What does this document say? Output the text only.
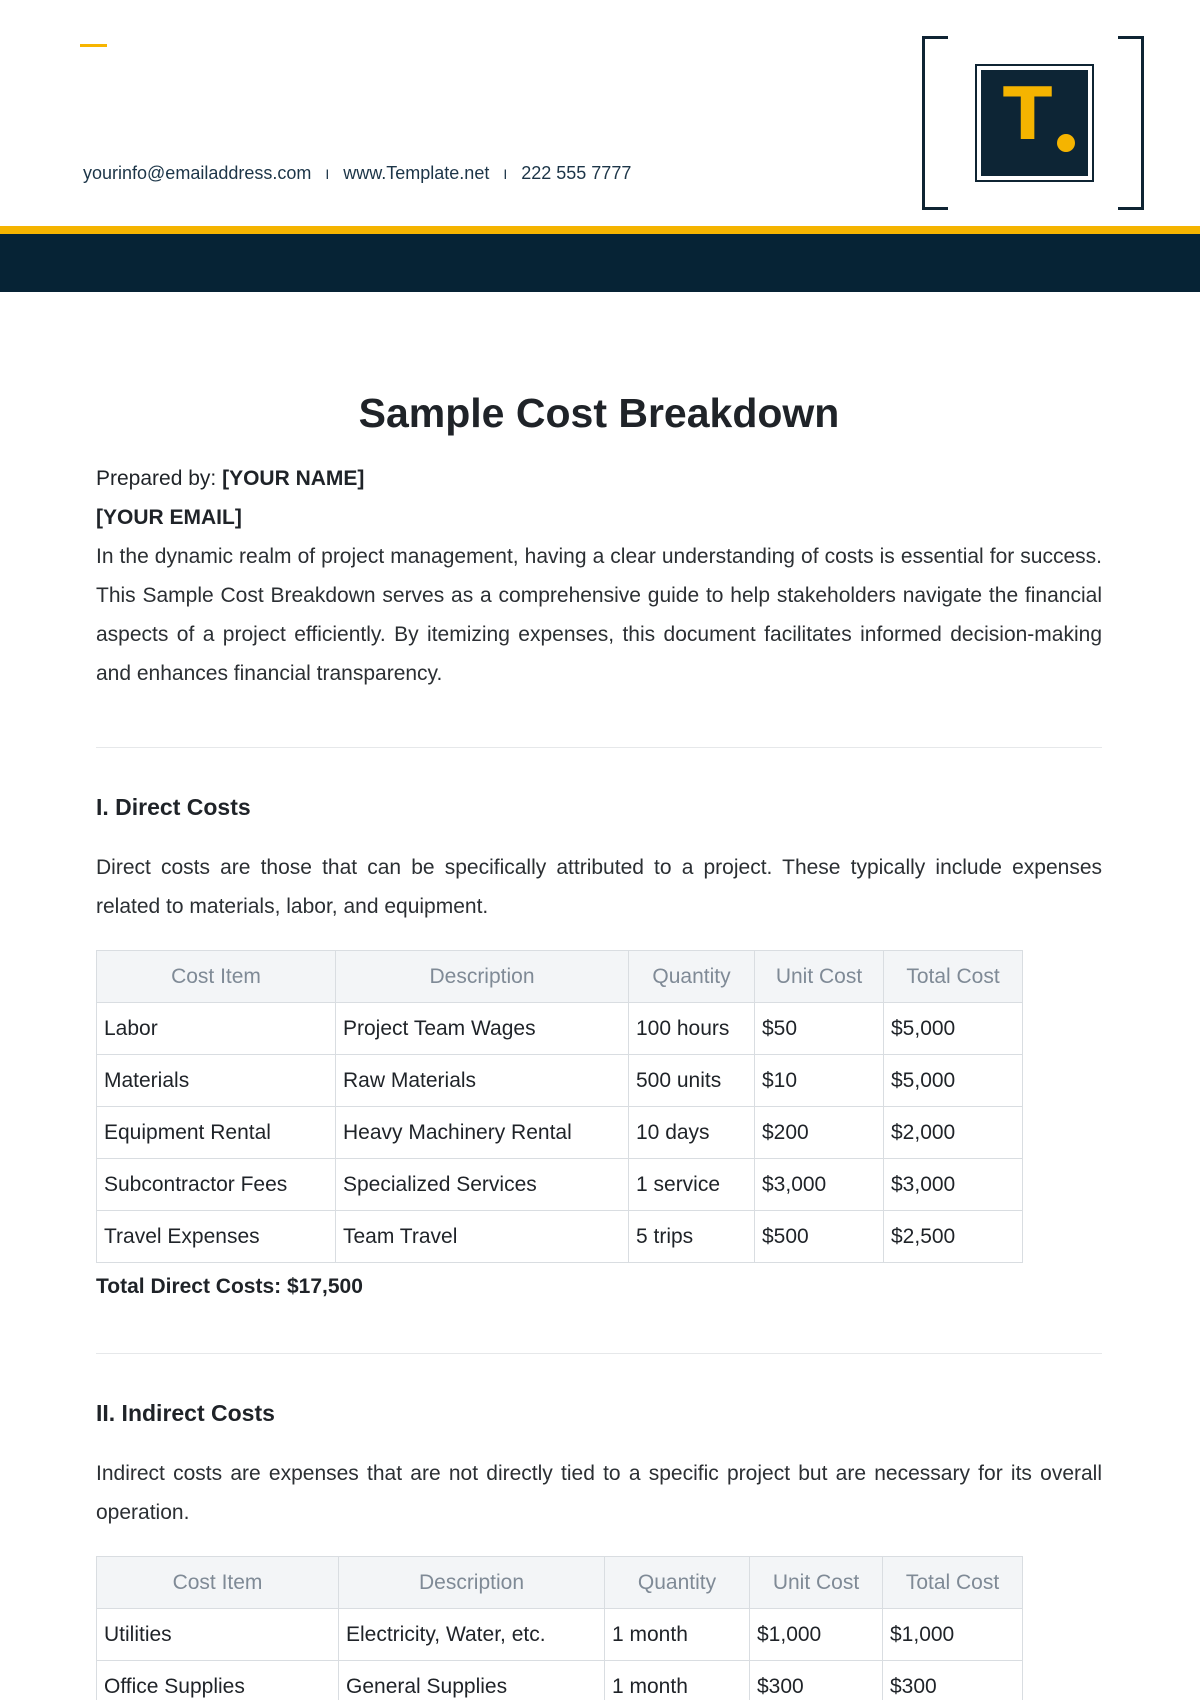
yourinfo@emailaddress.com I www.Template.net I 222 555 7777
T
Sample Cost Breakdown
Prepared by: [YOUR NAME]
[YOUR EMAIL]

In the dynamic realm of project management, having a clear understanding of costs is essential for success. This Sample Cost Breakdown serves as a comprehensive guide to help stakeholders navigate the financial aspects of a project efficiently. By itemizing expenses, this document facilitates informed decision-making and enhances financial transparency.

I. Direct Costs

Direct costs are those that can be specifically attributed to a project. These typically include expenses related to materials, labor, and equipment.

Cost Item	Description	Quantity	Unit Cost	Total Cost
Labor	Project Team Wages	100 hours	$50	$5,000
Materials	Raw Materials	500 units	$10	$5,000
Equipment Rental	Heavy Machinery Rental	10 days	$200	$2,000
Subcontractor Fees	Specialized Services	1 service	$3,000	$3,000
Travel Expenses	Team Travel	5 trips	$500	$2,500
Total Direct Costs: $17,500
II. Indirect Costs

Indirect costs are expenses that are not directly tied to a specific project but are necessary for its overall operation.

Cost Item	Description	Quantity	Unit Cost	Total Cost
Utilities	Electricity, Water, etc.	1 month	$1,000	$1,000
Office Supplies	General Supplies	1 month	$300	$300
